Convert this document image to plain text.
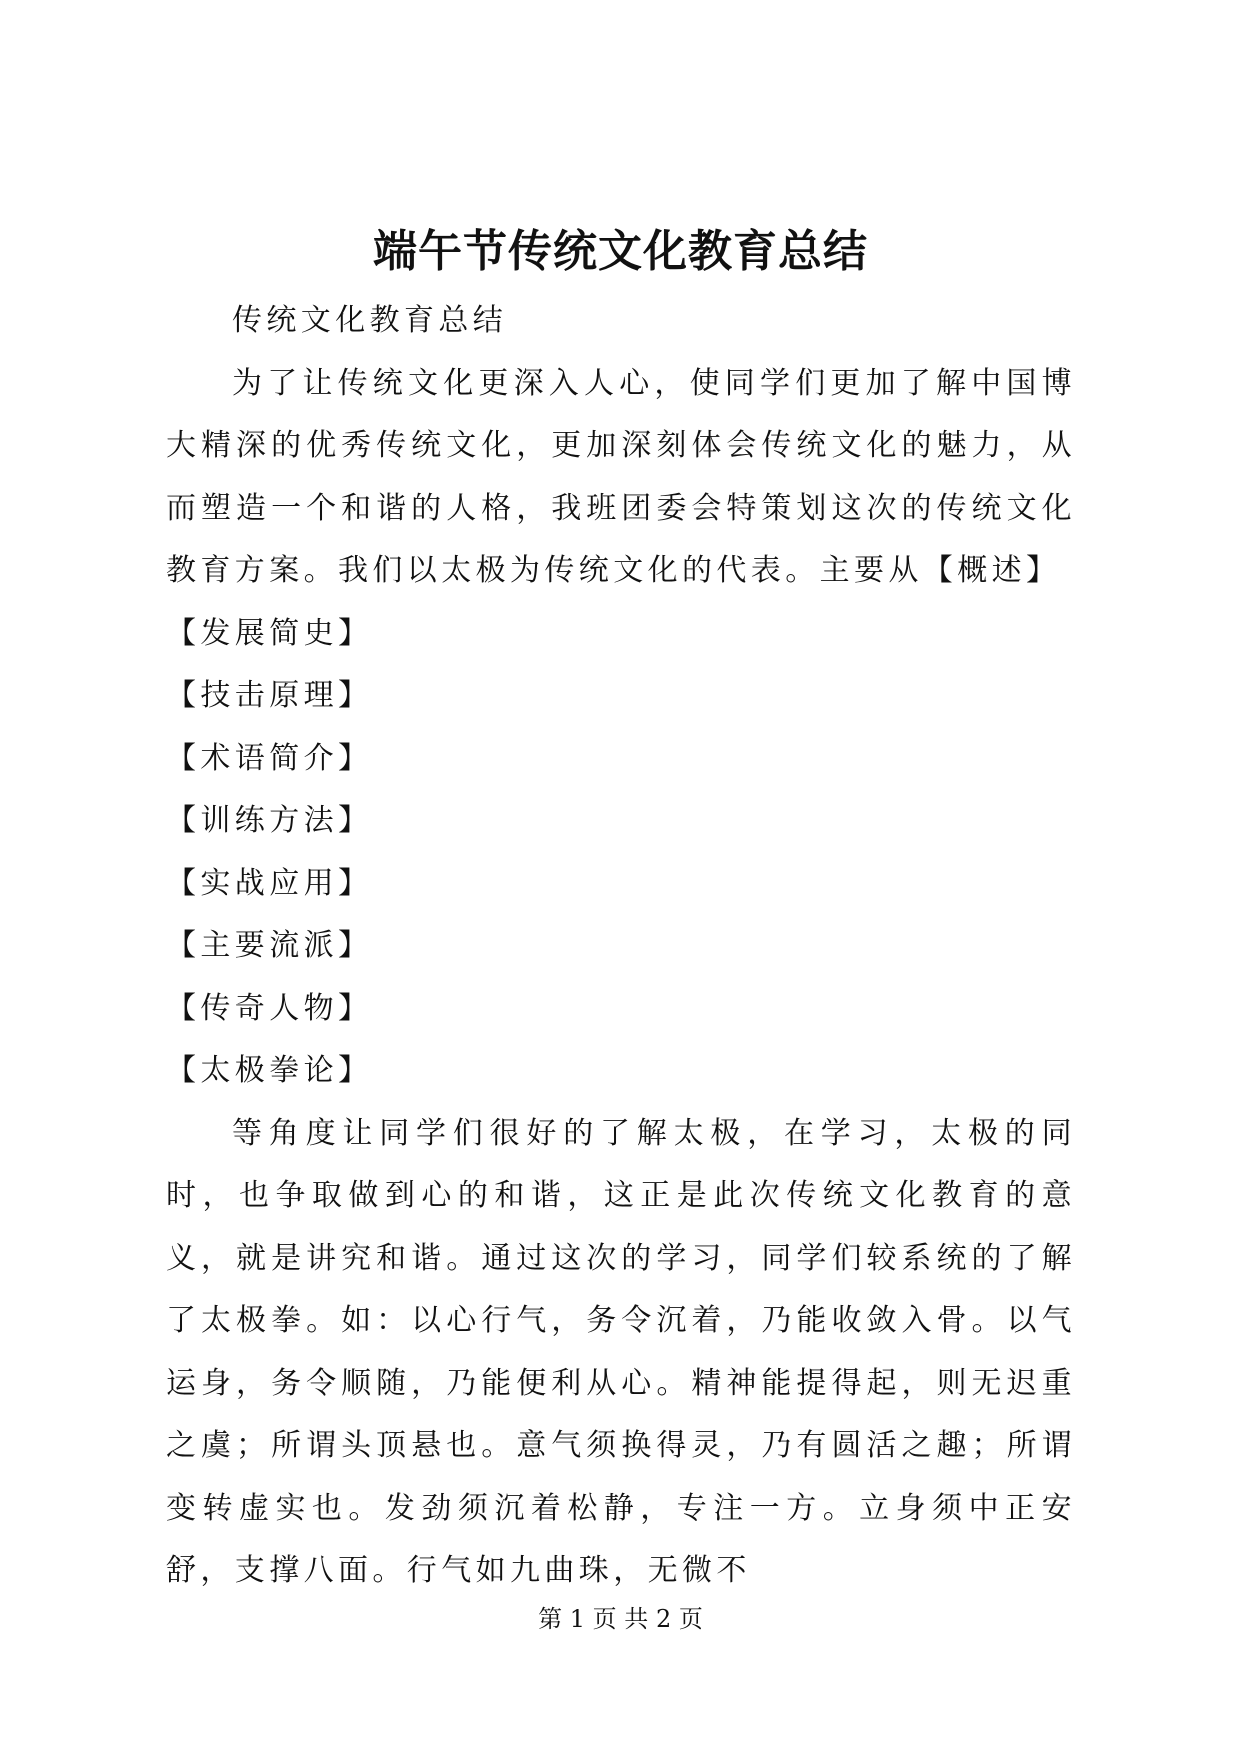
端午节传统文化教育总结

传统文化教育总结

为了让传统文化更深入人心，使同学们更加了解中国博大精深的优秀传统文化，更加深刻体会传统文化的魅力，从而塑造一个和谐的人格，我班团委会特策划这次的传统文化教育方案。我们以太极为传统文化的代表。主要从【概述】

【发展简史】

【技击原理】

【术语简介】

【训练方法】

【实战应用】

【主要流派】

【传奇人物】

【太极拳论】

等角度让同学们很好的了解太极，在学习，太极的同时，也争取做到心的和谐，这正是此次传统文化教育的意义，就是讲究和谐。通过这次的学习，同学们较系统的了解了太极拳。如：以心行气，务令沉着，乃能收敛入骨。以气运身，务令顺随，乃能便利从心。精神能提得起，则无迟重之虞；所谓头顶悬也。意气须换得灵，乃有圆活之趣；所谓变转虚实也。发劲须沉着松静，专注一方。立身须中正安舒，支撑八面。行气如九曲珠，无微不

第 1 页 共 2 页
